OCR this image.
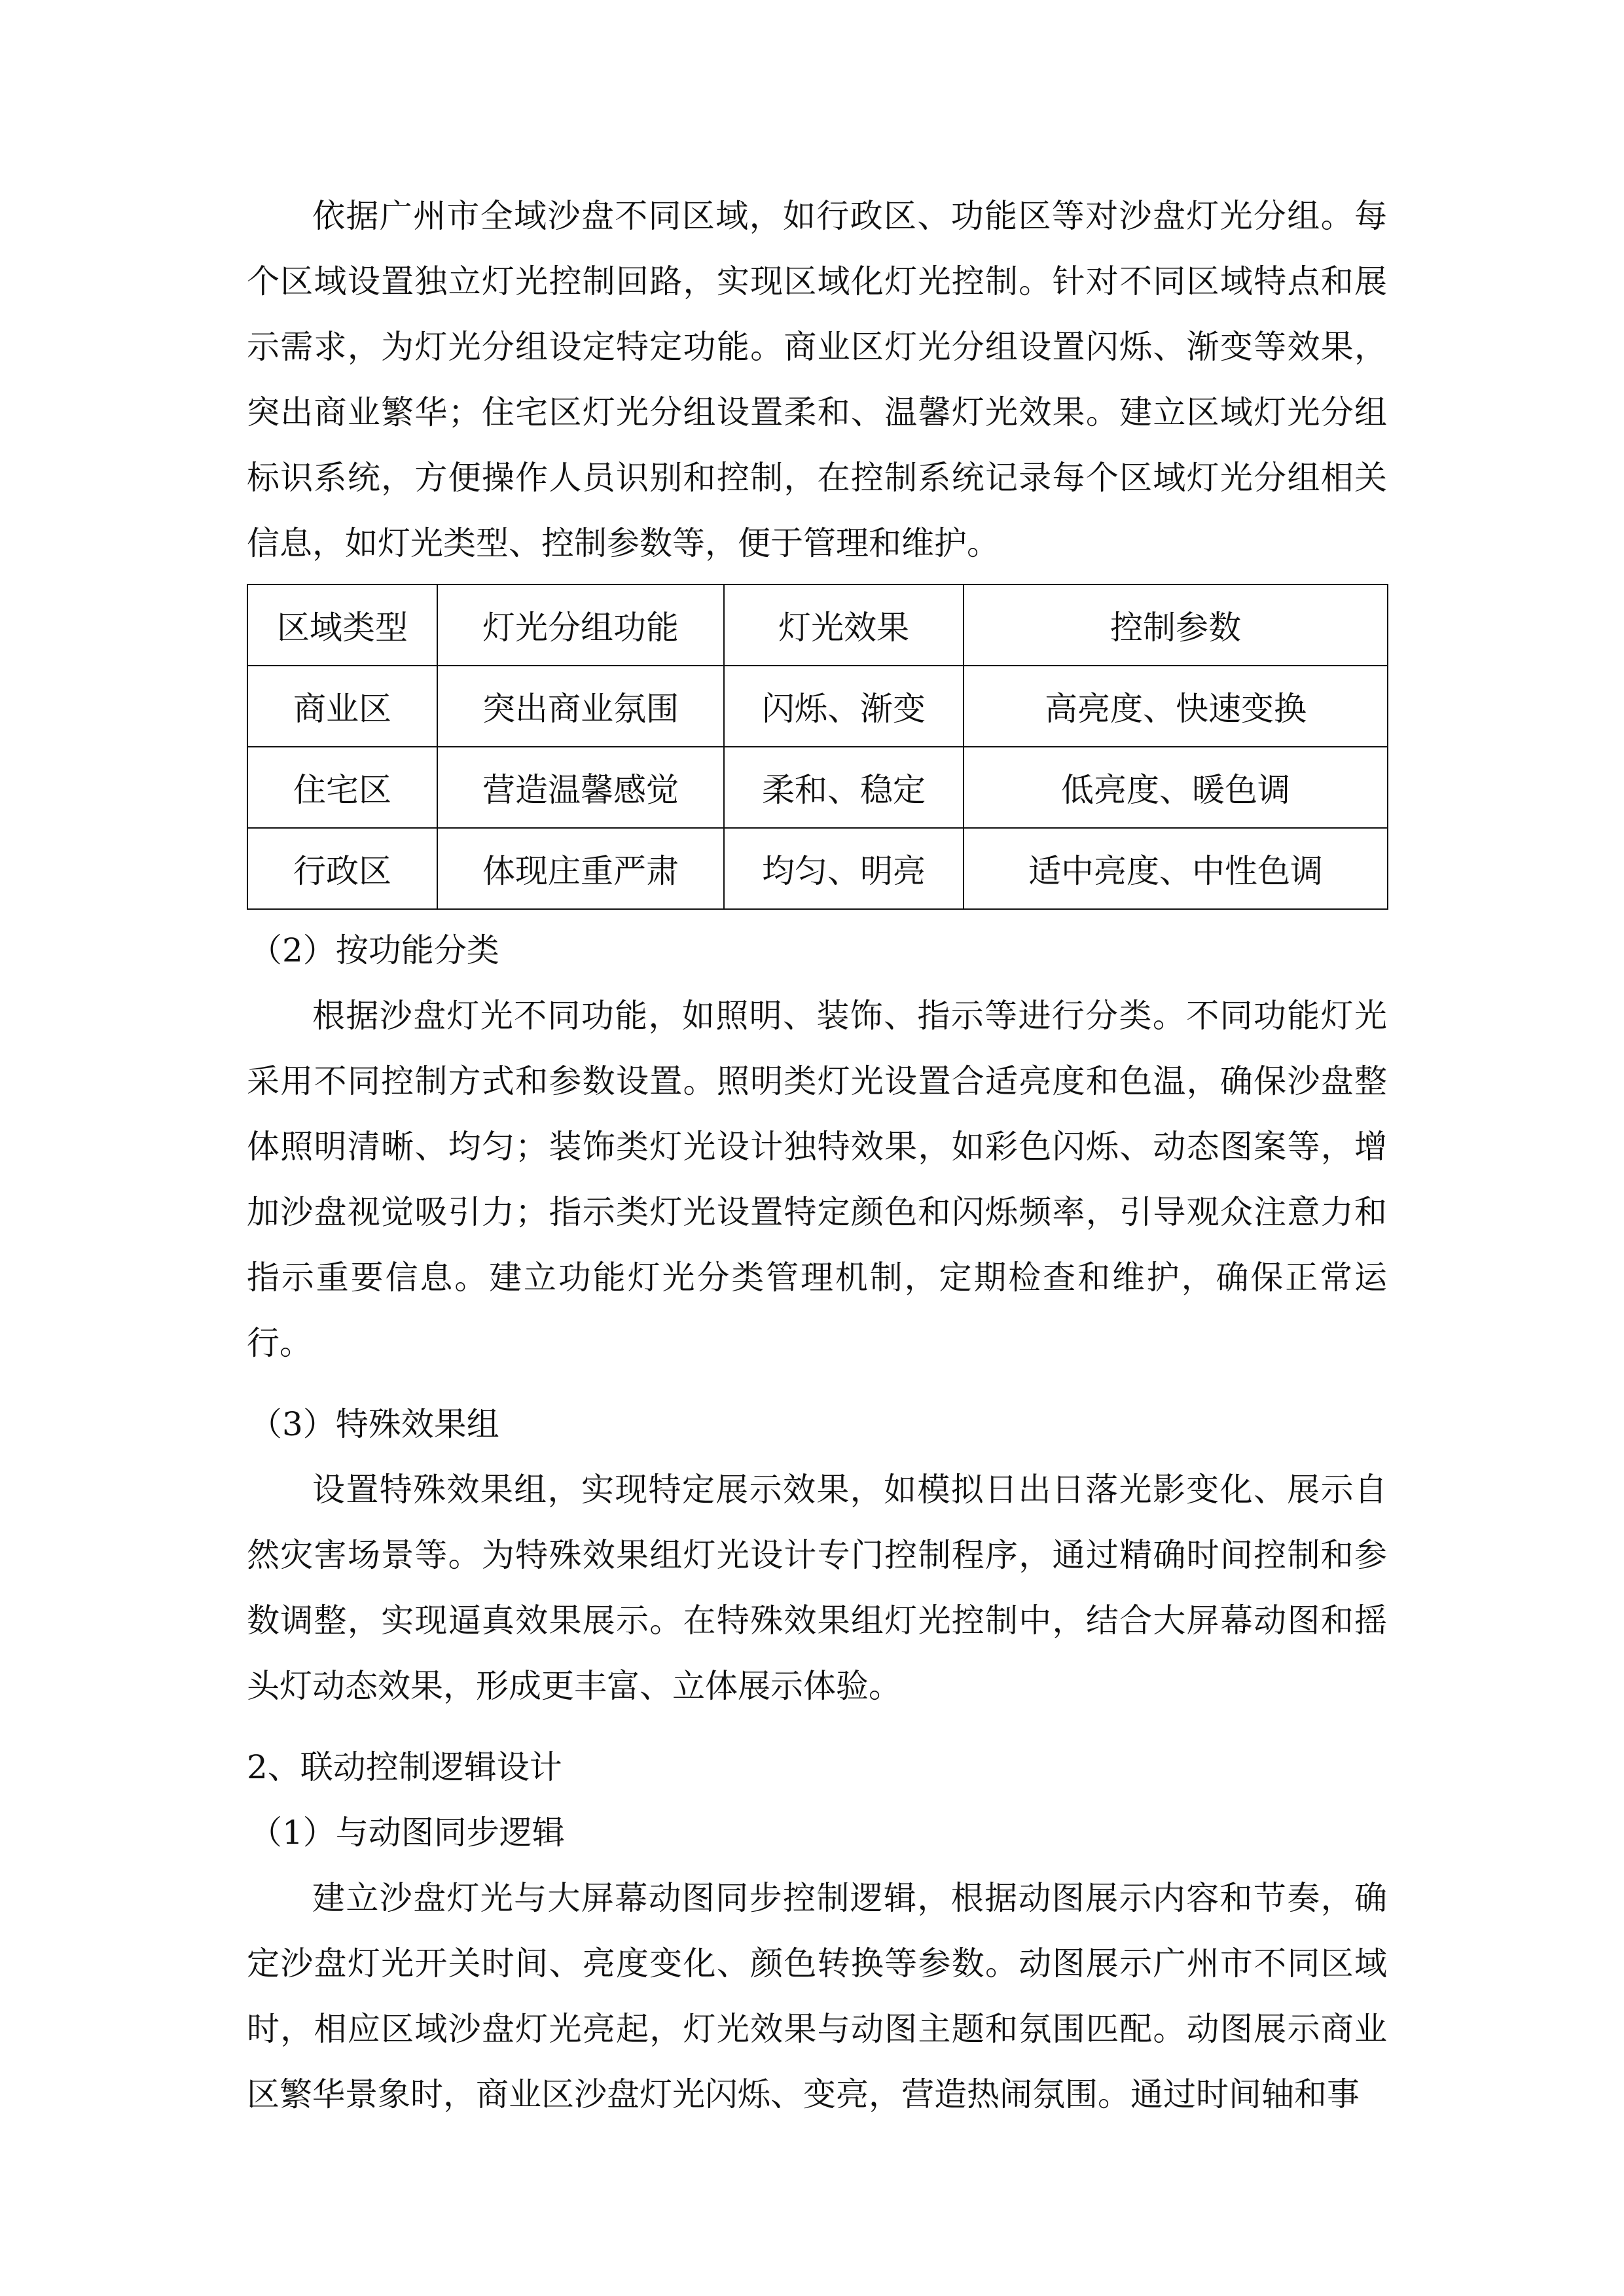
依据广州市全域沙盘不同区域，如行政区、功能区等对沙盘灯光分组。每个区域设置独立灯光控制回路，实现区域化灯光控制。针对不同区域特点和展示需求，为灯光分组设定特定功能。商业区灯光分组设置闪烁、渐变等效果，突出商业繁华；住宅区灯光分组设置柔和、温馨灯光效果。建立区域灯光分组标识系统，方便操作人员识别和控制，在控制系统记录每个区域灯光分组相关信息，如灯光类型、控制参数等，便于管理和维护。

区域类型	灯光分组功能	灯光效果	控制参数
商业区	突出商业氛围	闪烁、渐变	高亮度、快速变换
住宅区	营造温馨感觉	柔和、稳定	低亮度、暖色调
行政区	体现庄重严肃	均匀、明亮	适中亮度、中性色调

（2）按功能分类

根据沙盘灯光不同功能，如照明、装饰、指示等进行分类。不同功能灯光采用不同控制方式和参数设置。照明类灯光设置合适亮度和色温，确保沙盘整体照明清晰、均匀；装饰类灯光设计独特效果，如彩色闪烁、动态图案等，增加沙盘视觉吸引力；指示类灯光设置特定颜色和闪烁频率，引导观众注意力和指示重要信息。建立功能灯光分类管理机制，定期检查和维护，确保正常运行。

（3）特殊效果组

设置特殊效果组，实现特定展示效果，如模拟日出日落光影变化、展示自然灾害场景等。为特殊效果组灯光设计专门控制程序，通过精确时间控制和参数调整，实现逼真效果展示。在特殊效果组灯光控制中，结合大屏幕动图和摇头灯动态效果，形成更丰富、立体展示体验。

2、联动控制逻辑设计

（1）与动图同步逻辑

建立沙盘灯光与大屏幕动图同步控制逻辑，根据动图展示内容和节奏，确定沙盘灯光开关时间、亮度变化、颜色转换等参数。动图展示广州市不同区域时，相应区域沙盘灯光亮起，灯光效果与动图主题和氛围匹配。动图展示商业区繁华景象时，商业区沙盘灯光闪烁、变亮，营造热闹氛围。通过时间轴和事
